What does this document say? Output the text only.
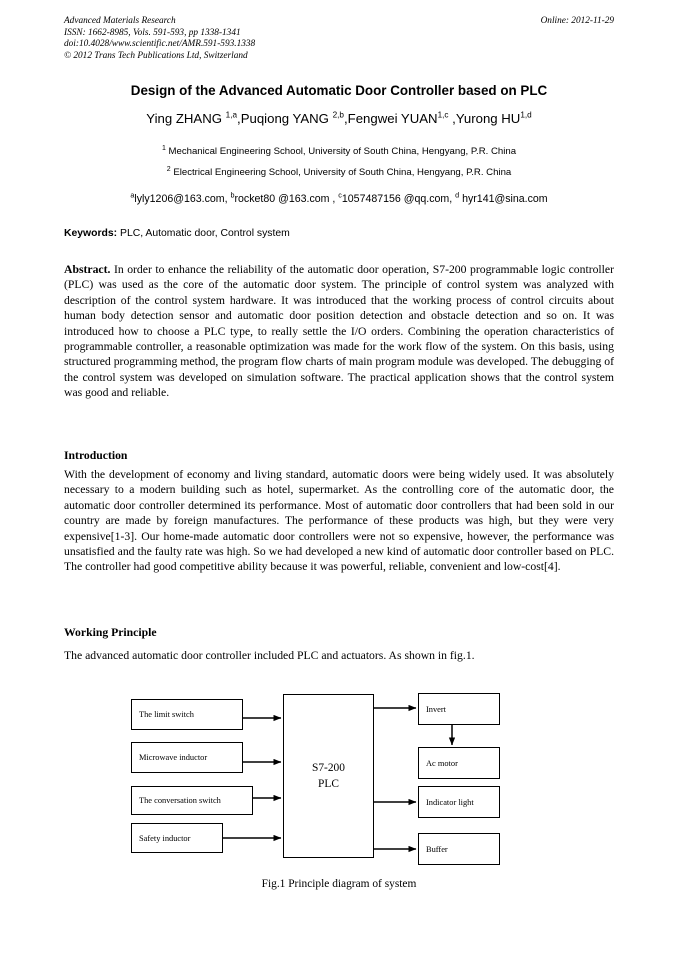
Advanced Materials Research	Online: 2012-11-29
ISSN: 1662-8985, Vols. 591-593, pp 1338-1341
doi:10.4028/www.scientific.net/AMR.591-593.1338
© 2012 Trans Tech Publications Ltd, Switzerland
Design of the Advanced Automatic Door Controller based on PLC
Ying ZHANG $^{1,a}$,Puqiong YANG $^{2,b}$,Fengwei YUAN$^{1,c}$ ,Yurong HU$^{1,d}$
$^1$ Mechanical Engineering School, University of South China, Hengyang, P.R. China
$^2$ Electrical Engineering School, University of South China, Hengyang, P.R. China
$^a$lyly1206@163.com, $^b$rocket80 @163.com , $^c$1057487156 @qq.com, $^d$ hyr141@sina.com
Keywords: PLC, Automatic door, Control system
Abstract. In order to enhance the reliability of the automatic door operation, S7-200 programmable logic controller (PLC) was used as the core of the automatic door system. The principle of control system was analyzed with description of the control system hardware. It was introduced that the working process of control circuits about human body detection sensor and automatic door position detection and obstacle detection and so on. It was introduced how to choose a PLC type, to really settle the I/O orders. Combining the operation characteristics of programmable controller, a reasonable optimization was made for the work flow of the system. On this basis, using structured programming method, the program flow charts of main program module was developed. The debugging of the control system was developed on simulation software. The practical application shows that the control system was good and reliable.
Introduction
With the development of economy and living standard, automatic doors were being widely used. It was absolutely necessary to a modern building such as hotel, supermarket. As the controlling core of the automatic door, the automatic door controller determined its performance. Most of automatic door controllers that had been sold in our country are made by foreign manufactures. The performance of these products was high, but they were very expensive[1-3]. Our home-made automatic door controllers were not so expensive, however, the performance was unsatisfied and the faulty rate was high. So we had developed a new kind of automatic door controller based on PLC. The controller had good competitive ability because it was powerful, reliable, convenient and low-cost[4].
Working Principle
The advanced automatic door controller included PLC and actuators. As shown in fig.1.
The limit switch
Microwave inductor
The conversation switch
Safety inductor
S7-200
PLC
Invert
Ac motor
Indicator light
Buffer
Fig.1 Principle diagram of system
